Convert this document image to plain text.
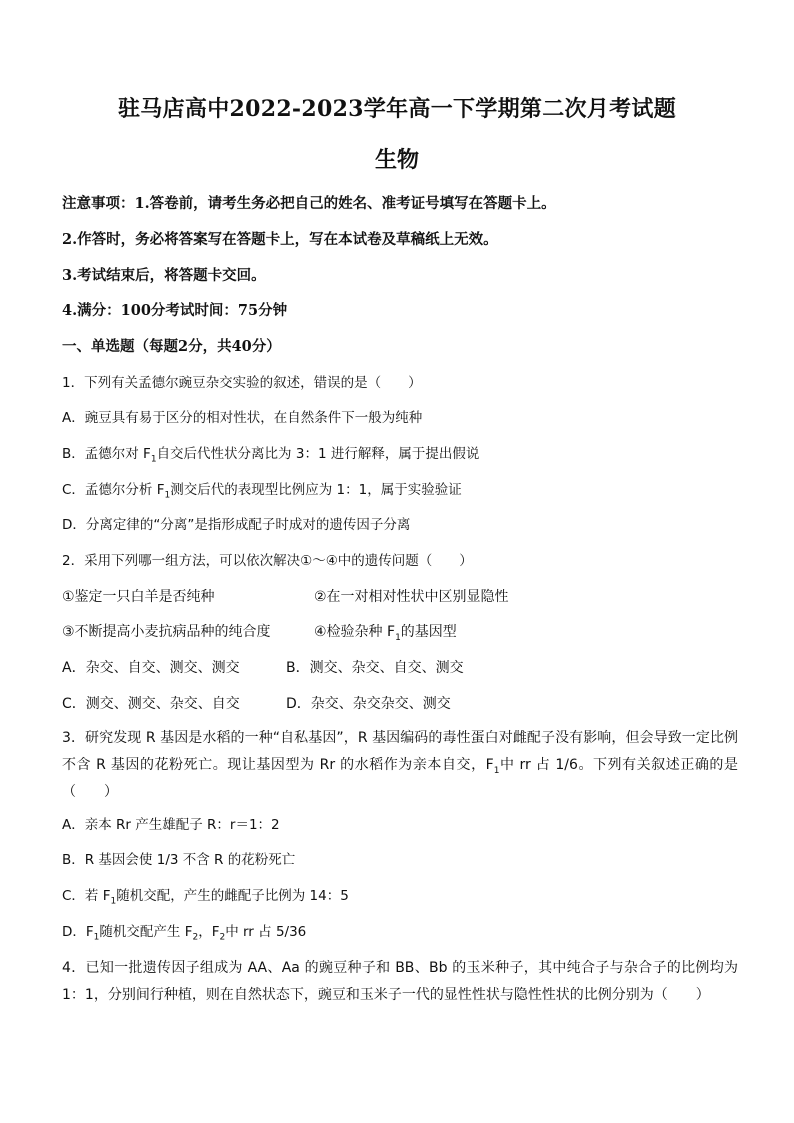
驻马店高中2022-2023学年高一下学期第二次月考试题
生物
注意事项：1.答卷前，请考生务必把自己的姓名、准考证号填写在答题卡上。
2.作答时，务必将答案写在答题卡上，写在本试卷及草稿纸上无效。
3.考试结束后，将答题卡交回。
4.满分：100分考试时间：75分钟
一、单选题（每题2分，共40分）
1．下列有关孟德尔豌豆杂交实验的叙述，错误的是（　　）
A．豌豆具有易于区分的相对性状，在自然条件下一般为纯种
B．孟德尔对 $F_1$自交后代性状分离比为 3：1 进行解释，属于提出假说
C．孟德尔分析 $F_1$测交后代的表现型比例应为 1：1，属于实验验证
D．分离定律的“分离”是指形成配子时成对的遗传因子分离
2．采用下列哪一组方法，可以依次解决①～④中的遗传问题（　　）
①鉴定一只白羊是否纯种	②在一对相对性状中区别显隐性
③不断提高小麦抗病品种的纯合度	④检验杂种 $F_1$的基因型
A．杂交、自交、测交、测交	B．测交、杂交、自交、测交
C．测交、测交、杂交、自交	D．杂交、杂交杂交、测交
3．研究发现 R 基因是水稻的一种“自私基因”，R 基因编码的毒性蛋白对雌配子没有影响，但会导致一定比例不含 R 基因的花粉死亡。现让基因型为 Rr 的水稻作为亲本自交，$F_1$中 rr 占 1/6。下列有关叙述正确的是（　　）
A．亲本 Rr 产生雄配子 R：r＝1：2
B．R 基因会使 1/3 不含 R 的花粉死亡
C．若 $F_1$随机交配，产生的雌配子比例为 14：5
D．$F_1$随机交配产生 $F_2$，$F_2$中 rr 占 5/36
4．已知一批遗传因子组成为 AA、Aa 的豌豆种子和 BB、Bb 的玉米种子，其中纯合子与杂合子的比例均为 1：1，分别间行种植，则在自然状态下，豌豆和玉米子一代的显性性状与隐性性状的比例分别为（　　）
